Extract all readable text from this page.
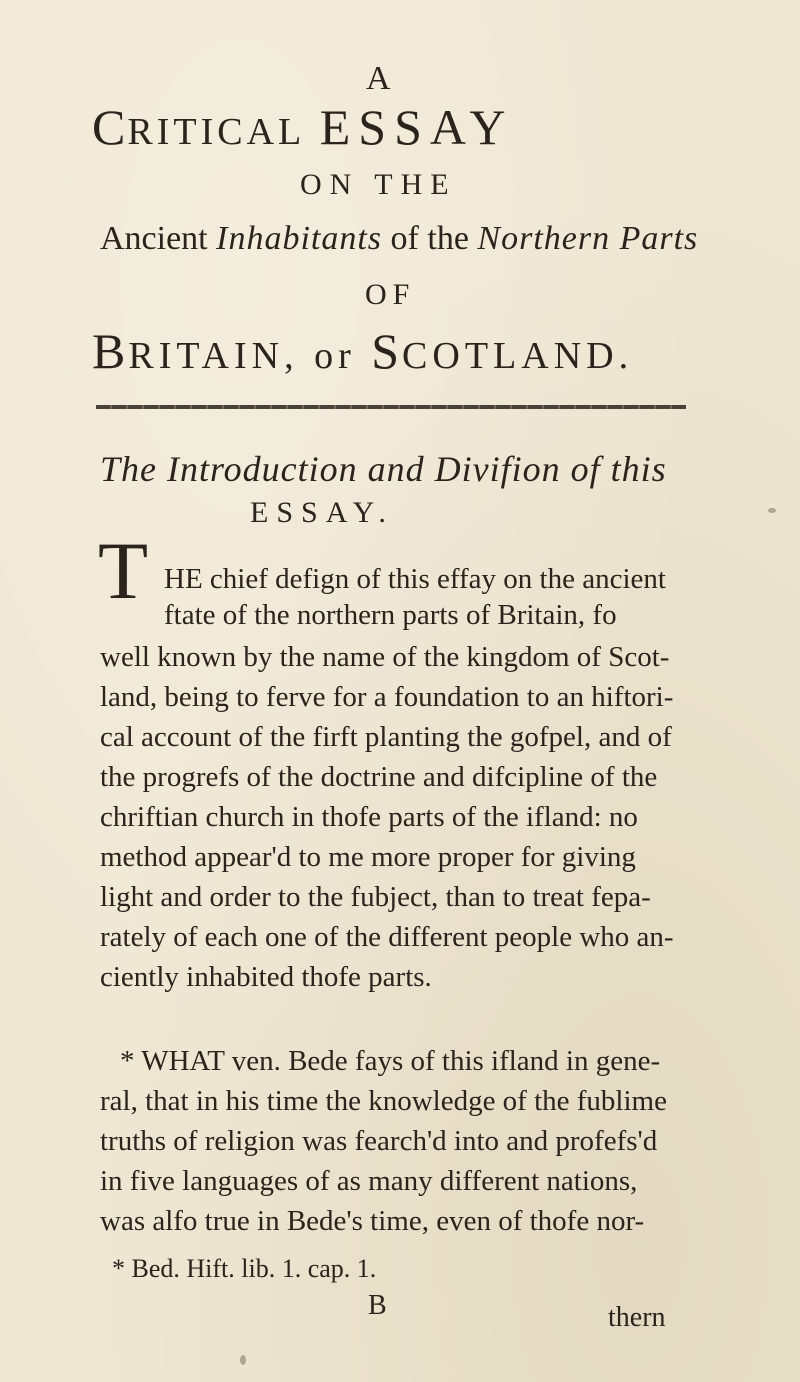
A
CRITICAL ESSAY
ON THE
Ancient Inhabitants of the Northern Parts
OF
BRITAIN, or SCOTLAND.
The Introduction and Divifion of this
ESSAY.
T HE chief defign of this effay on the ancient
ftate of the northern parts of Britain, fo
well known by the name of the kingdom of Scot-
land, being to ferve for a foundation to an hiftori-
cal account of the firft planting the gofpel, and of
the progrefs of the doctrine and difcipline of the
chriftian church in thofe parts of the ifland: no
method appear'd to me more proper for giving
light and order to the fubject, than to treat fepa-
rately of each one of the different people who an-
ciently inhabited thofe parts.
* WHAT ven. Bede fays of this ifland in gene-
ral, that in his time the knowledge of the fublime
truths of religion was fearch'd into and profefs'd
in five languages of as many different nations,
was alfo true in Bede's time, even of thofe nor-
* Bed. Hift. lib. 1. cap. 1.
B	thern
